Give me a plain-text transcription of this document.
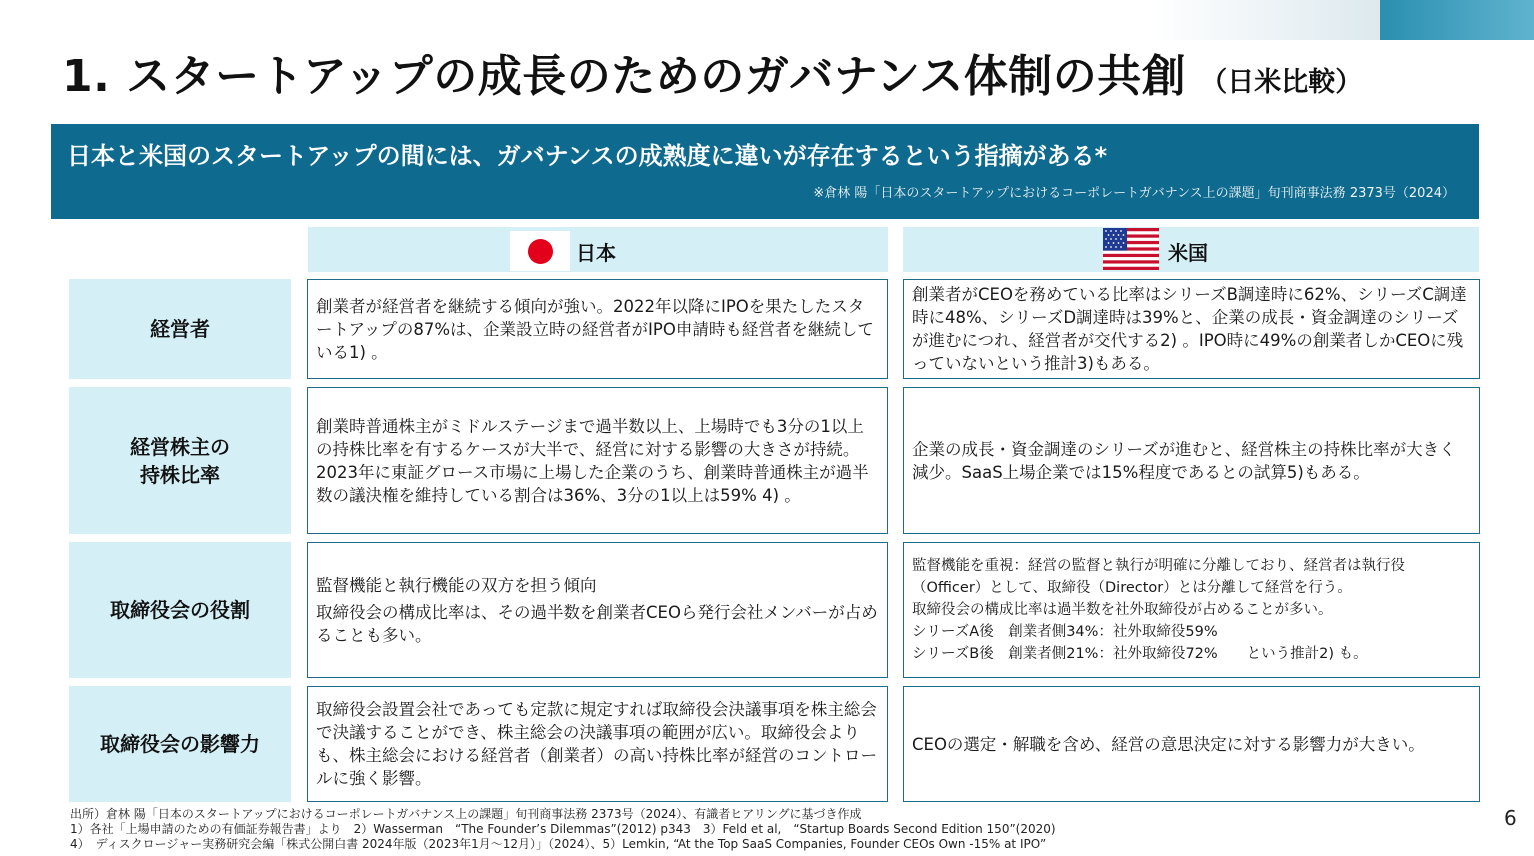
1. スタートアップの成長のためのガバナンス体制の共創 （日米比較）
日本と米国のスタートアップの間には、ガバナンスの成熟度に違いが存在するという指摘がある*
※倉林 陽「日本のスタートアップにおけるコーポレートガバナンス上の課題」旬刊商事法務 2373号（2024）
日本	米国
経営者

創業者が経営者を継続する傾向が強い。2022年以降にIPOを果たしたスタートアップの87%は、企業設立時の経営者がIPO申請時も経営者を継続している1) 。

創業者がCEOを務めている比率はシリーズB調達時に62%、シリーズC調達時に48%、シリーズD調達時は39%と、企業の成長・資金調達のシリーズが進むにつれ、経営者が交代する2) 。IPO時に49%の創業者しかCEOに残っていないという推計3)もある。

経営株主の
持株比率

創業時普通株主がミドルステージまで過半数以上、上場時でも3分の1以上の持株比率を有するケースが大半で、経営に対する影響の大きさが持続。2023年に東証グロース市場に上場した企業のうち、創業時普通株主が過半数の議決権を維持している割合は36%、3分の1以上は59% 4) 。

企業の成長・資金調達のシリーズが進むと、経営株主の持株比率が大きく減少。SaaS上場企業では15%程度であるとの試算5)もある。

取締役会の役割

監督機能と執行機能の双方を担う傾向

取締役会の構成比率は、その過半数を創業者CEOら発行会社メンバーが占めることも多い。

監督機能を重視：経営の監督と執行が明確に分離しており、経営者は執行役（Officer）として、取締役（Director）とは分離して経営を行う。

取締役会の構成比率は過半数を社外取締役が占めることが多い。

シリーズA後　創業者側34%：社外取締役59%

シリーズB後　創業者側21%：社外取締役72%　　という推計2) も。

取締役会の影響力

取締役会設置会社であっても定款に規定すれば取締役会決議事項を株主総会で決議することができ、株主総会の決議事項の範囲が広い。取締役会よりも、株主総会における経営者（創業者）の高い持株比率が経営のコントロールに強く影響。

CEOの選定・解職を含め、経営の意思決定に対する影響力が大きい。

出所）倉林 陽「日本のスタートアップにおけるコーポレートガバナンス上の課題」旬刊商事法務 2373号（2024）、有識者ヒアリングに基づき作成
1）各社「上場申請のための有価証券報告書」より　2）Wasserman　“The Founder’s Dilemmas”(2012) p343　3）Feld et al,　“Startup Boards Second Edition 150”(2020)
4）　ディスクロージャー実務研究会編「株式公開白書 2024年版（2023年1月～12月）」（2024）、5）Lemkin, “At the Top SaaS Companies, Founder CEOs Own -15% at IPO”
6
